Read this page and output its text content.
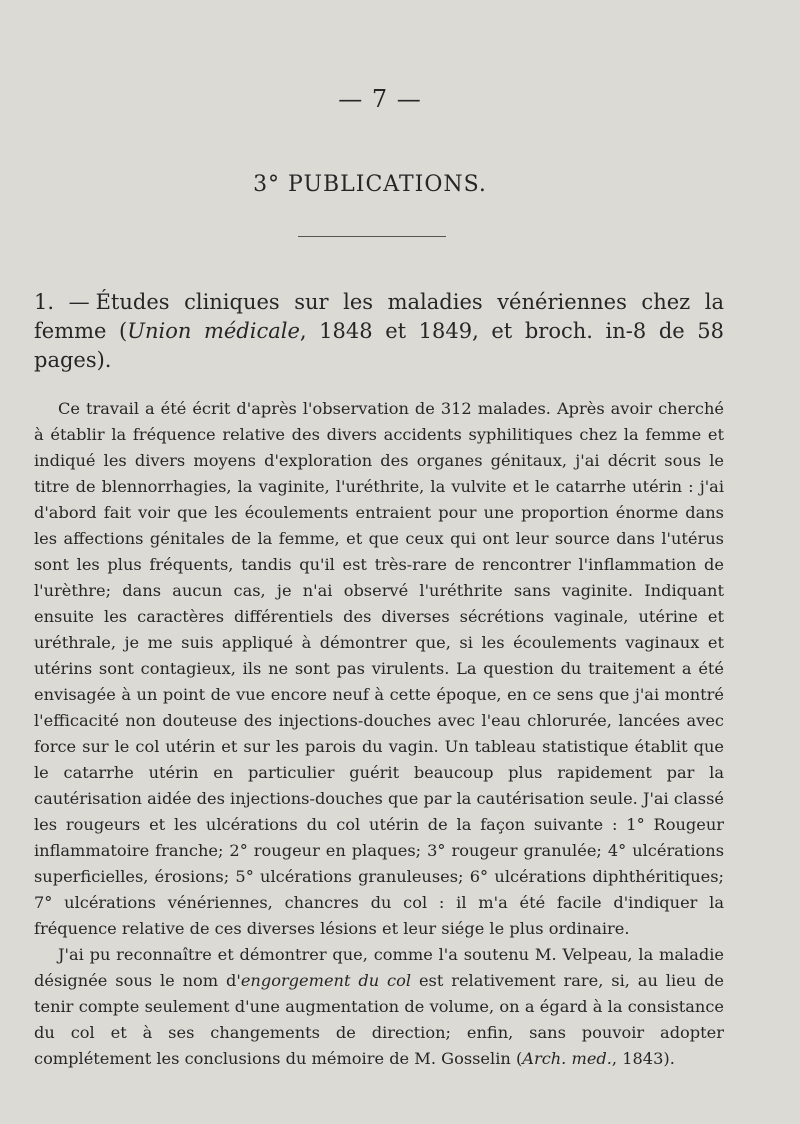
— 7 —
3° PUBLICATIONS.
1. — Études cliniques sur les maladies vénériennes chez la femme (Union médicale, 1848 et 1849, et broch. in-8 de 58 pages).

Ce travail a été écrit d'après l'observation de 312 malades. Après avoir cherché à établir la fréquence relative des divers accidents syphilitiques chez la femme et indiqué les divers moyens d'exploration des organes génitaux, j'ai décrit sous le titre de blennorrhagies, la vaginite, l'uréthrite, la vulvite et le catarrhe utérin : j'ai d'abord fait voir que les écoulements entraient pour une proportion énorme dans les affections génitales de la femme, et que ceux qui ont leur source dans l'utérus sont les plus fréquents, tandis qu'il est très-rare de rencontrer l'inflammation de l'urèthre; dans aucun cas, je n'ai observé l'uréthrite sans vaginite. Indiquant ensuite les caractères différentiels des diverses sécrétions vaginale, utérine et uréthrale, je me suis appliqué à démontrer que, si les écoulements vaginaux et utérins sont contagieux, ils ne sont pas virulents. La question du traitement a été envisagée à un point de vue encore neuf à cette époque, en ce sens que j'ai montré l'efficacité non douteuse des injections-douches avec l'eau chlorurée, lancées avec force sur le col utérin et sur les parois du vagin. Un tableau statistique établit que le catarrhe utérin en particulier guérit beaucoup plus rapidement par la cautérisation aidée des injections-douches que par la cautérisation seule. J'ai classé les rougeurs et les ulcérations du col utérin de la façon suivante : 1° Rougeur inflammatoire franche; 2° rougeur en plaques; 3° rougeur granulée; 4° ulcérations superficielles, érosions; 5° ulcérations granuleuses; 6° ulcérations diphthéritiques; 7° ulcérations vénériennes, chancres du col : il m'a été facile d'indiquer la fréquence relative de ces diverses lésions et leur siége le plus ordinaire.

J'ai pu reconnaître et démontrer que, comme l'a soutenu M. Velpeau, la maladie désignée sous le nom d'engorgement du col est relativement rare, si, au lieu de tenir compte seulement d'une augmentation de volume, on a égard à la consistance du col et à ses changements de direction; enfin, sans pouvoir adopter complétement les conclusions du mémoire de M. Gosselin (Arch. med., 1843).
